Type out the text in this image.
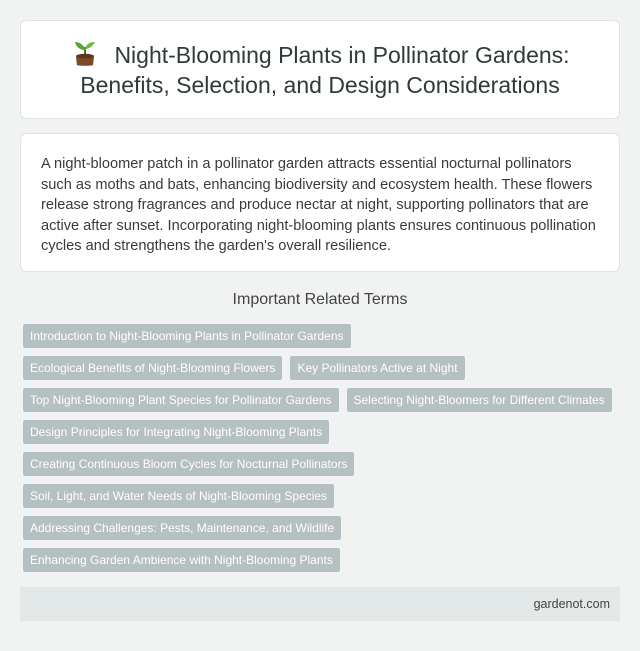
Night-Blooming Plants in Pollinator Gardens: Benefits, Selection, and Design Considerations

A night-bloomer patch in a pollinator garden attracts essential nocturnal pollinators such as moths and bats, enhancing biodiversity and ecosystem health. These flowers release strong fragrances and produce nectar at night, supporting pollinators that are active after sunset. Incorporating night-blooming plants ensures continuous pollination cycles and strengthens the garden's overall resilience.

Important Related Terms
Introduction to Night-Blooming Plants in Pollinator Gardens
Ecological Benefits of Night-Blooming Flowers	Key Pollinators Active at Night
Top Night-Blooming Plant Species for Pollinator Gardens	Selecting Night-Bloomers for Different Climates
Design Principles for Integrating Night-Blooming Plants
Creating Continuous Bloom Cycles for Nocturnal Pollinators
Soil, Light, and Water Needs of Night-Blooming Species
Addressing Challenges: Pests, Maintenance, and Wildlife
Enhancing Garden Ambience with Night-Blooming Plants
gardenot.com
